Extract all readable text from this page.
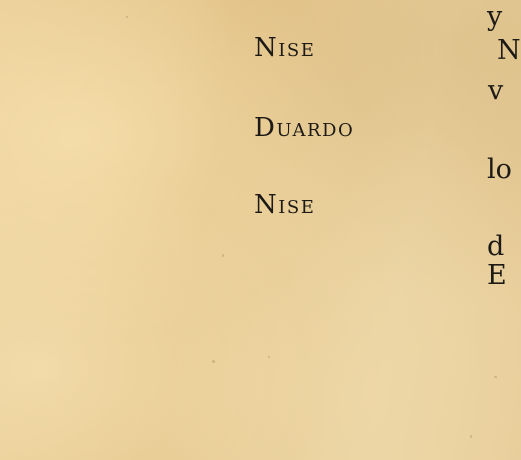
Nise

Duardo

Nise

y

N

v

lo

d

E
